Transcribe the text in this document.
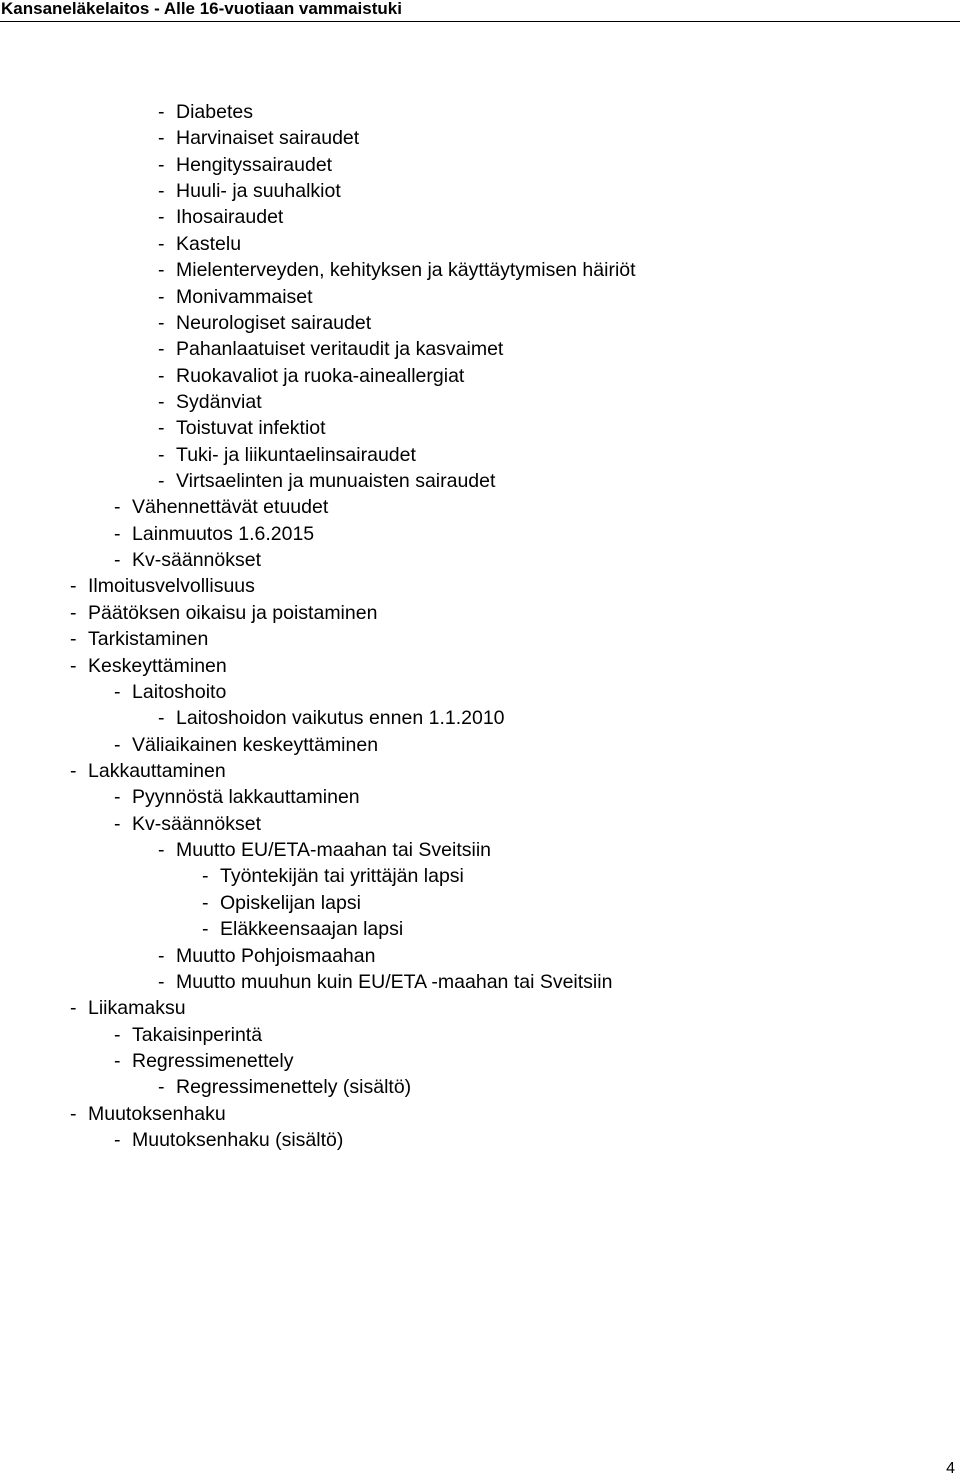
Kansaneläkelaitos - Alle 16-vuotiaan vammaistuki
- Diabetes
- Harvinaiset sairaudet
- Hengityssairaudet
- Huuli- ja suuhalkiot
- Ihosairaudet
- Kastelu
- Mielenterveyden, kehityksen ja käyttäytymisen häiriöt
- Monivammaiset
- Neurologiset sairaudet
- Pahanlaatuiset veritaudit ja kasvaimet
- Ruokavaliot ja ruoka-aineallergiat
- Sydänviat
- Toistuvat infektiot
- Tuki- ja liikuntaelinsairaudet
- Virtsaelinten ja munuaisten sairaudet
- Vähennettävät etuudet
- Lainmuutos 1.6.2015
- Kv-säännökset
- Ilmoitusvelvollisuus
- Päätöksen oikaisu ja poistaminen
- Tarkistaminen
- Keskeyttäminen
- Laitoshoito
- Laitoshoidon vaikutus ennen 1.1.2010
- Väliaikainen keskeyttäminen
- Lakkauttaminen
- Pyynnöstä lakkauttaminen
- Kv-säännökset
- Muutto EU/ETA-maahan tai Sveitsiin
- Työntekijän tai yrittäjän lapsi
- Opiskelijan lapsi
- Eläkkeensaajan lapsi
- Muutto Pohjoismaahan
- Muutto muuhun kuin EU/ETA -maahan tai Sveitsiin
- Liikamaksu
- Takaisinperintä
- Regressimenettely
- Regressimenettely (sisältö)
- Muutoksenhaku
- Muutoksenhaku (sisältö)
4
